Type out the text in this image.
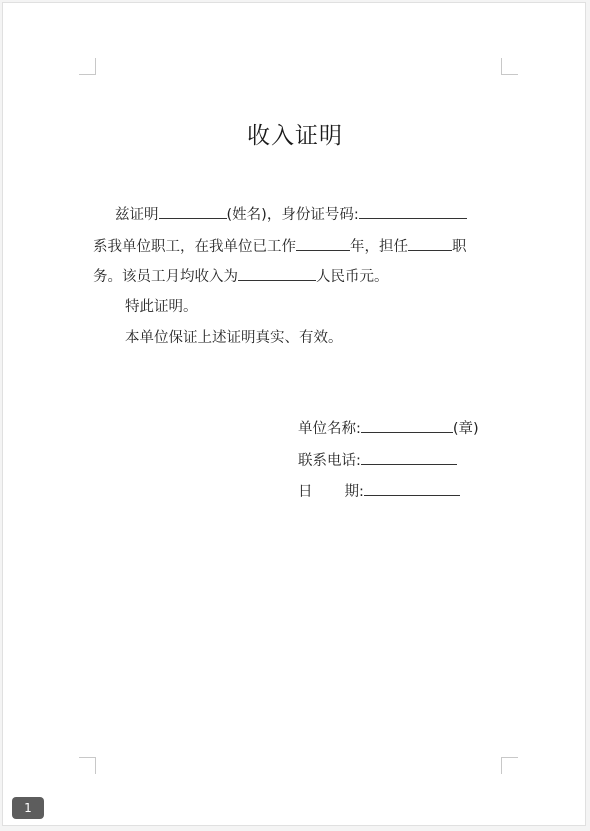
收入证明
兹证明	(姓名)，身份证号码:
系我单位职工，在我单位已工作	年，担任	职
务。该员工月均收入为	人民币元。
特此证明。
本单位保证上述证明真实、有效。
单位名称:	(章)
联系电话:
日 期:
1
